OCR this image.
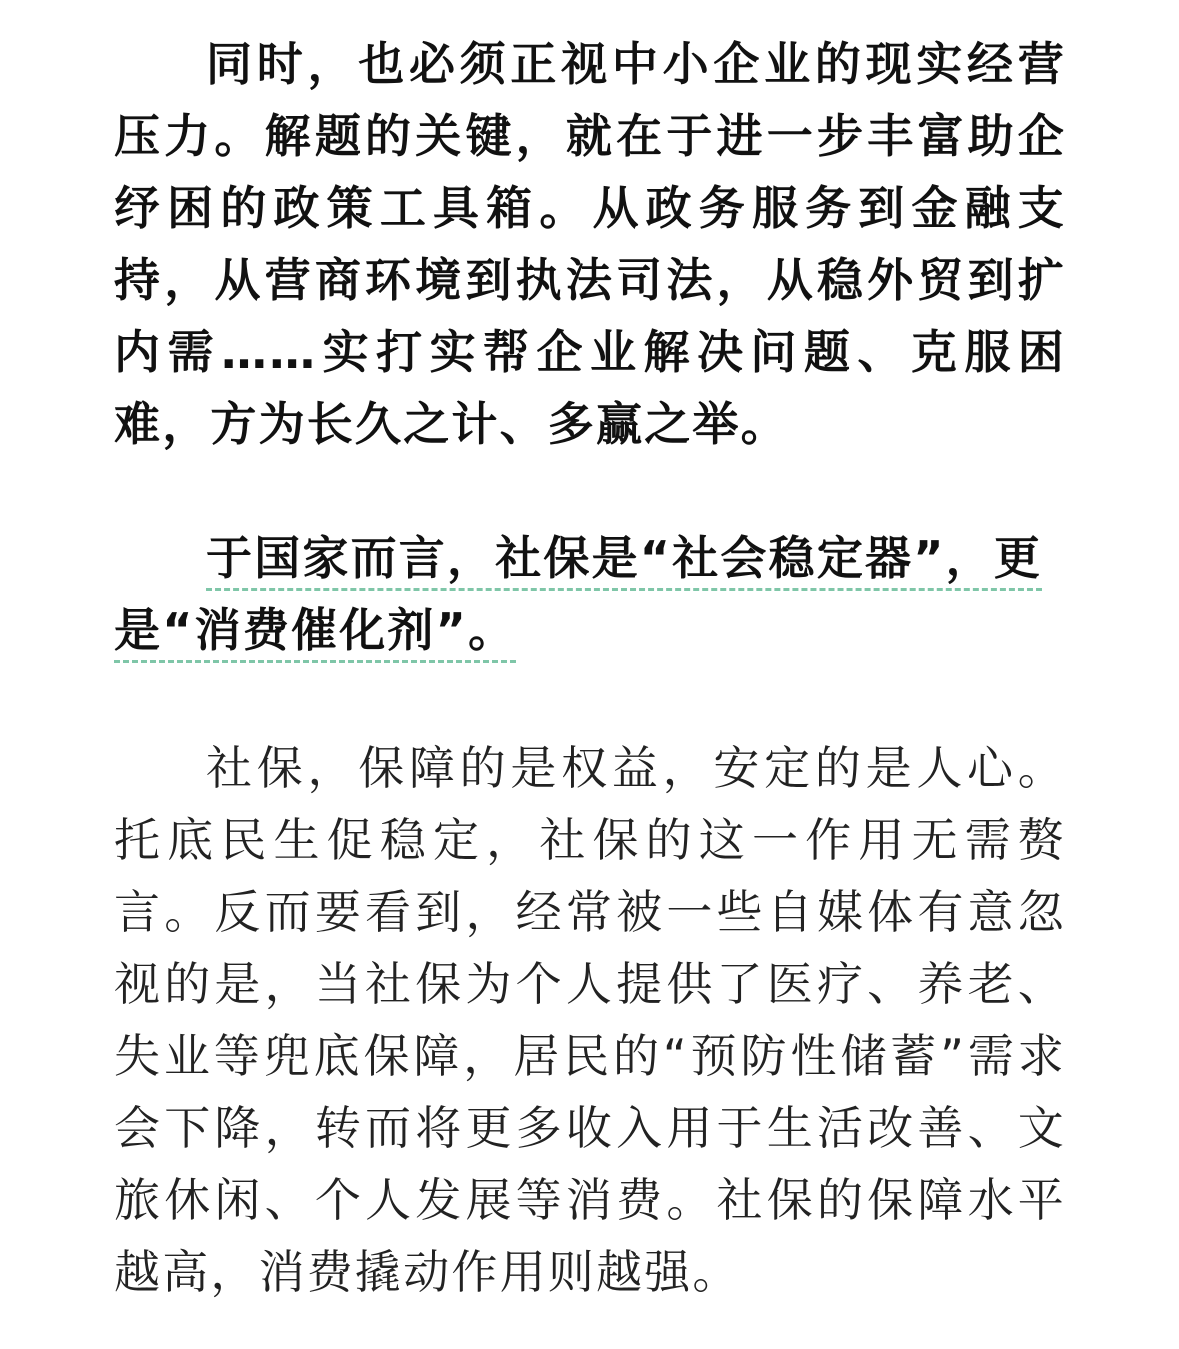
同时，也必须正视中小企业的现实经营压力。解题的关键，就在于进一步丰富助企纾困的政策工具箱。从政务服务到金融支持，从营商环境到执法司法，从稳外贸到扩内需……实打实帮企业解决问题、克服困难，方为长久之计、多赢之举。

于国家而言，社保是“社会稳定器”，更是“消费催化剂”。

社保，保障的是权益，安定的是人心。托底民生促稳定，社保的这一作用无需赘言。反而要看到，经常被一些自媒体有意忽视的是，当社保为个人提供了医疗、养老、失业等兜底保障，居民的“预防性储蓄”需求会下降，转而将更多收入用于生活改善、文旅休闲、个人发展等消费。社保的保障水平越高，消费撬动作用则越强。
